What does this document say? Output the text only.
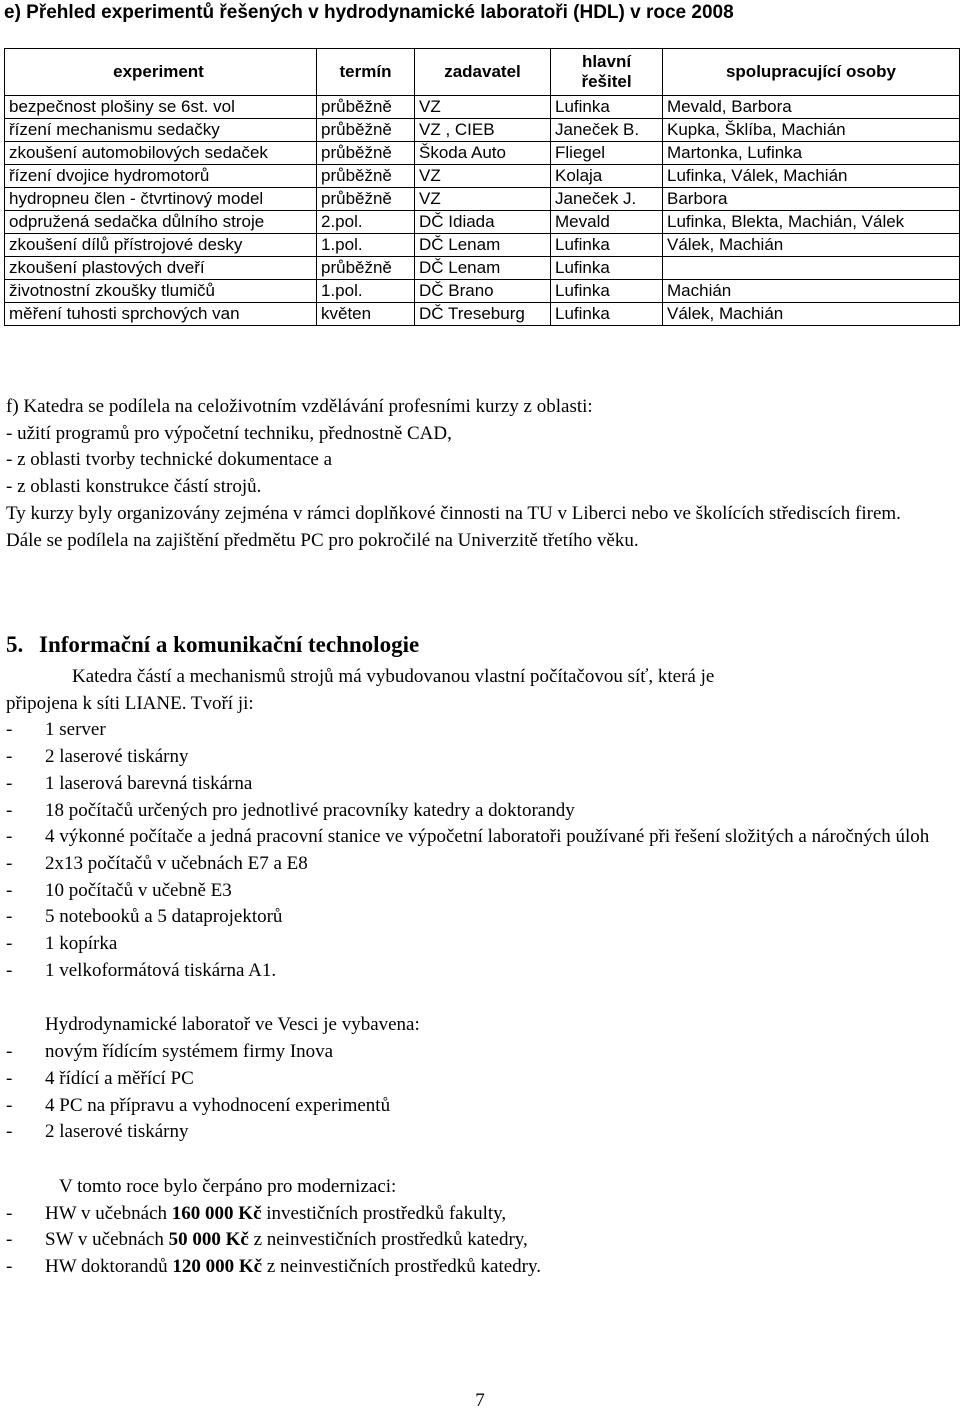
e) Přehled experimentů řešených v hydrodynamické laboratoři (HDL) v roce 2008
experiment	termín	zadavatel	hlavní řešitel	spolupracující osoby
bezpečnost plošiny se 6st. vol	průběžně	VZ	Lufinka	Mevald, Barbora
řízení mechanismu sedačky	průběžně	VZ , CIEB	Janeček B.	Kupka, Šklíba, Machián
zkoušení automobilových sedaček	průběžně	Škoda Auto	Fliegel	Martonka, Lufinka
řízení dvojice hydromotorů	průběžně	VZ	Kolaja	Lufinka, Válek, Machián
hydropneu člen - čtvrtinový model	průběžně	VZ	Janeček J.	Barbora
odpružená sedačka důlního stroje	2.pol.	DČ Idiada	Mevald	Lufinka, Blekta, Machián, Válek
zkoušení dílů přístrojové desky	1.pol.	DČ Lenam	Lufinka	Válek, Machián
zkoušení plastových dveří	průběžně	DČ Lenam	Lufinka	
životnostní zkoušky tlumičů	1.pol.	DČ Brano	Lufinka	Machián
měření tuhosti sprchových van	květen	DČ Treseburg	Lufinka	Válek, Machián

f) Katedra se podílela na celoživotním vzdělávání profesními kurzy z oblasti:

- užití programů pro výpočetní techniku, přednostně CAD,

- z oblasti tvorby technické dokumentace a

- z oblasti konstrukce částí strojů.

Ty kurzy byly organizovány zejména v rámci doplňkové činnosti na TU v Liberci nebo ve školících střediscích firem.

Dále se podílela na zajištění předmětu PC pro pokročilé na Univerzitě třetího věku.

5. Informační a komunikační technologie

Katedra částí a mechanismů strojů má vybudovanou vlastní počítačovou síť, která je

připojena k síti LIANE. Tvoří ji:

-	1 server
-	2 laserové tiskárny
-	1 laserová barevná tiskárna
-	18 počítačů určených pro jednotlivé pracovníky katedry a doktorandy
-	4 výkonné počítače a jedná pracovní stanice ve výpočetní laboratoři používané při řešení složitých a náročných úloh
-	2x13 počítačů v učebnách E7 a E8
-	10 počítačů v učebně E3
-	5 notebooků a 5 dataprojektorů
-	1 kopírka
-	1 velkoformátová tiskárna A1.

Hydrodynamické laboratoř ve Vesci je vybavena:

-	novým řídícím systémem firmy Inova
-	4 řídící a měřící PC
-	4 PC na přípravu a vyhodnocení experimentů
-	2 laserové tiskárny

V tomto roce bylo čerpáno pro modernizaci:

-	HW v učebnách 160 000 Kč investičních prostředků fakulty,
-	SW v učebnách 50 000 Kč z neinvestičních prostředků katedry,
-	HW doktorandů 120 000 Kč z neinvestičních prostředků katedry.
7
